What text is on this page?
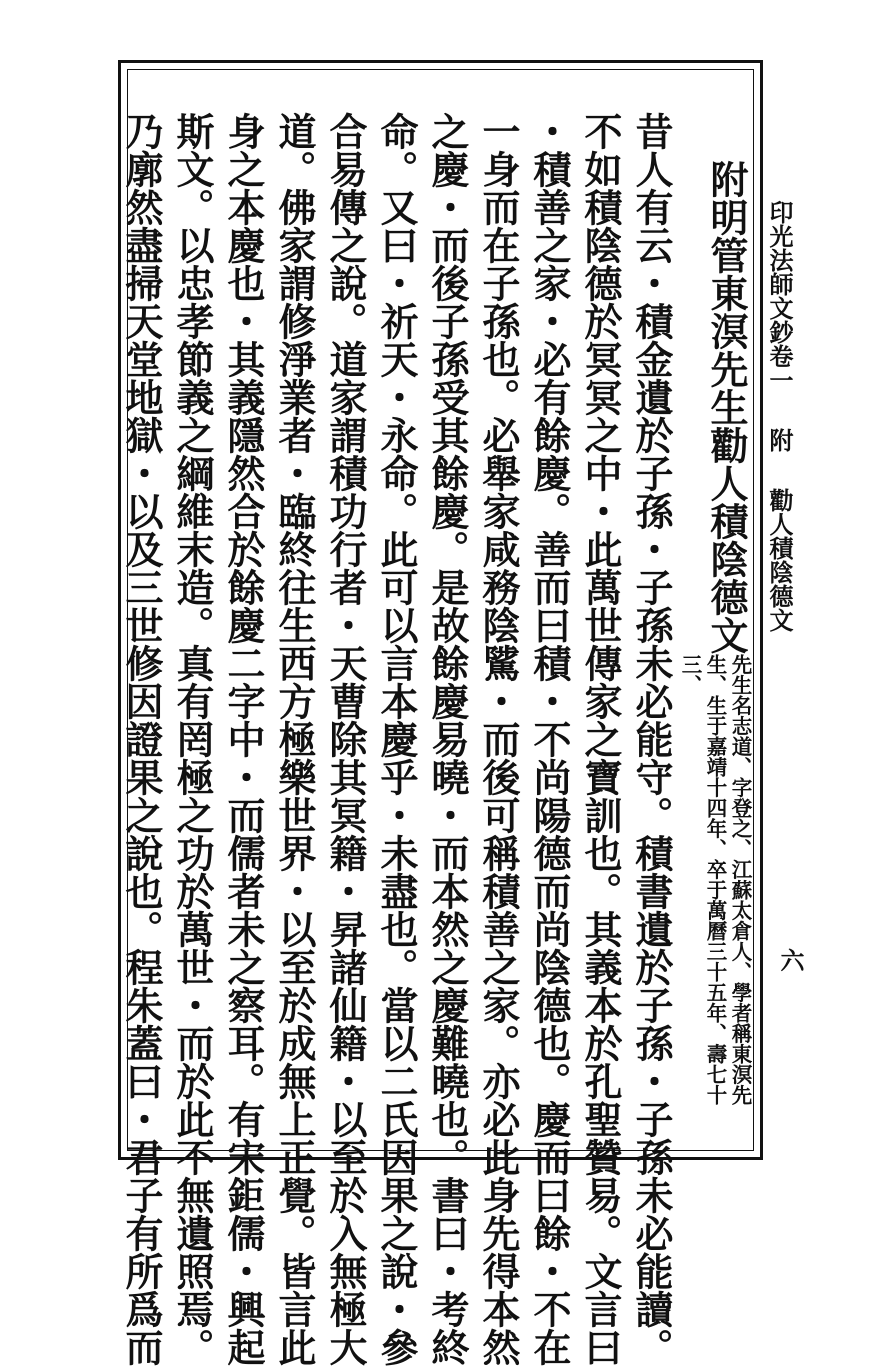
印光法師文鈔卷一附勸人積陰德文
六
附明管東溟先生勸人積陰德文先生名志道、字登之、江蘇太倉人、學者稱東溟先生、生于嘉靖十四年、卒于萬曆三十五年、壽七十三、
昔人有云・積金遺於子孫・子孫未必能守。積書遺於子孫・子孫未必能讀。
不如積陰德於冥冥之中・此萬世傳家之寶訓也。其義本於孔聖贊易。文言曰
・積善之家・必有餘慶。善而曰積・不尚陽德而尚陰德也。慶而曰餘・不在
一身而在子孫也。必舉家咸務陰騭・而後可稱積善之家。亦必此身先得本然
之慶・而後子孫受其餘慶。是故餘慶易曉・而本然之慶難曉也。書曰・考終
命。又曰・祈天・永命。此可以言本慶乎・未盡也。當以二氏因果之說・參
合易傳之說。道家謂積功行者・天曹除其冥籍・昇諸仙籍・以至於入無極大
道。佛家謂修淨業者・臨終往生西方極樂世界・以至於成無上正覺。皆言此
身之本慶也・其義隱然合於餘慶二字中・而儒者未之察耳。有宋鉅儒・興起
斯文。以忠孝節義之綱維末造。真有罔極之功於萬世・而於此不無遺照焉。
乃廓然盡掃天堂地獄・以及三世修因證果之說也。程朱蓋曰・君子有所爲而
